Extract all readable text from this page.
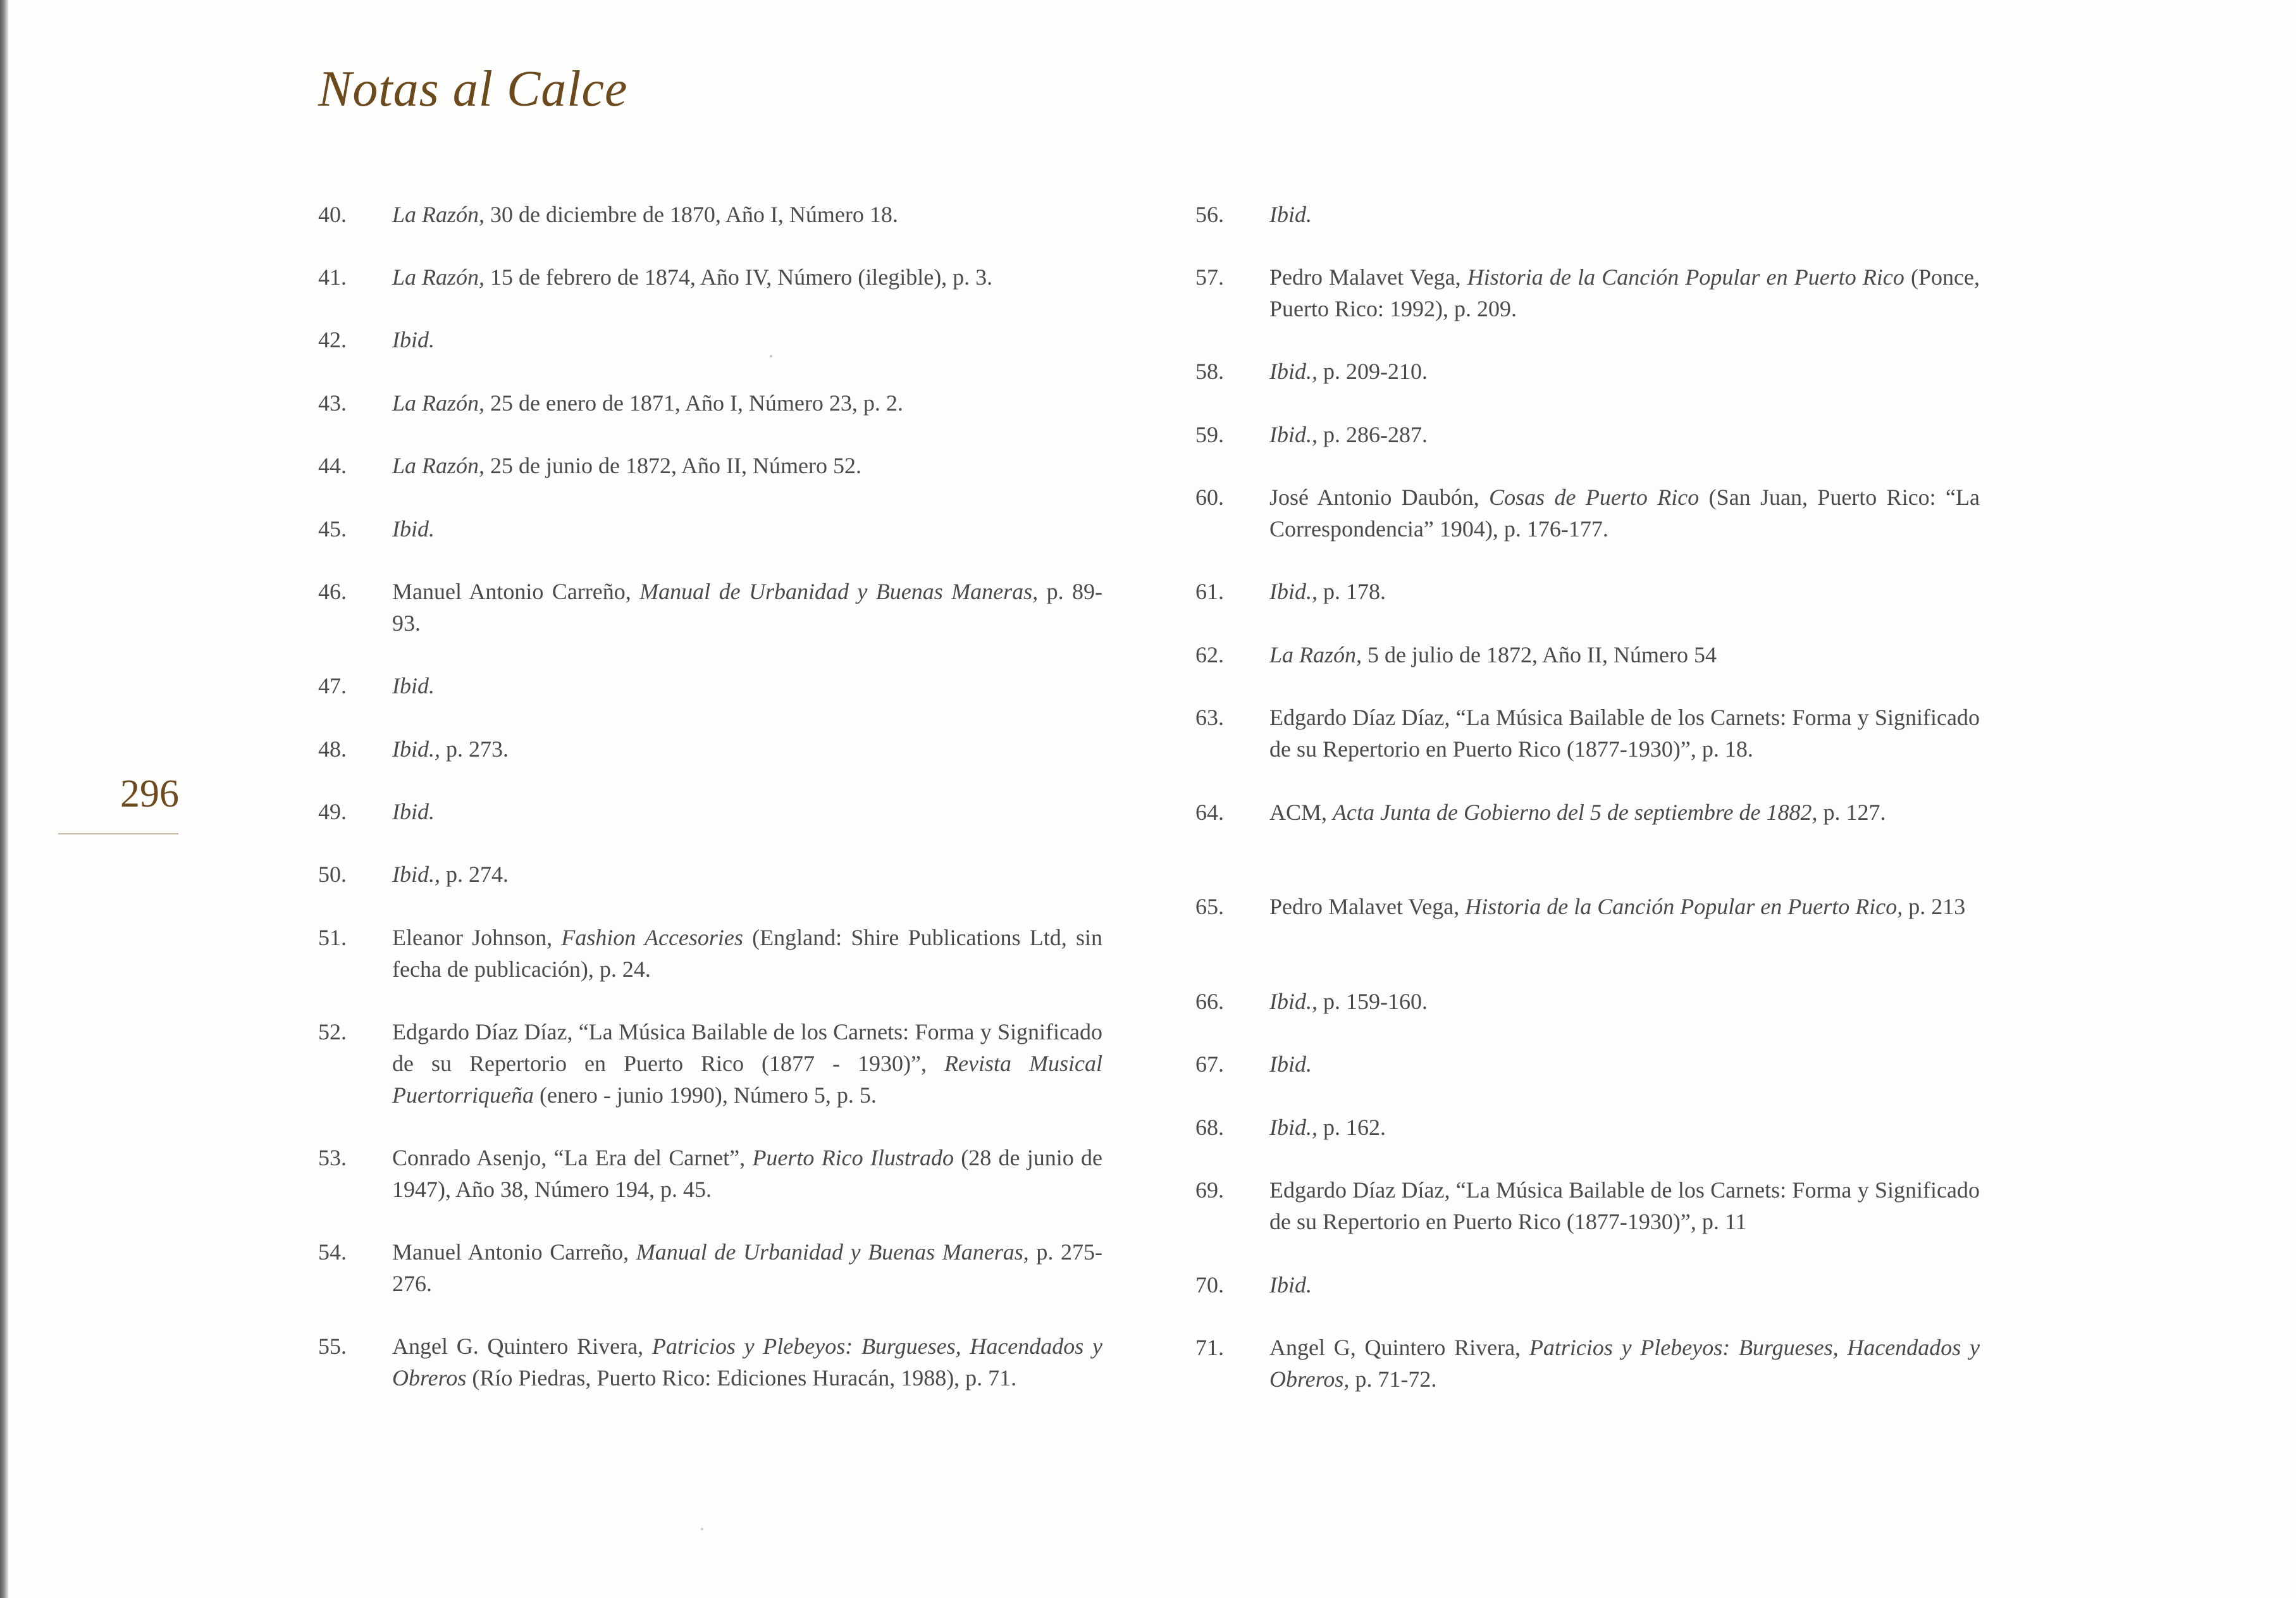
Notas al Calce
296
40.	La Razón, 30 de diciembre de 1870, Año I, Número 18.
41.	La Razón, 15 de febrero de 1874, Año IV, Número (ilegible), p. 3.
42.	Ibid.
43.	La Razón, 25 de enero de 1871, Año I, Número 23, p. 2.
44.	La Razón, 25 de junio de 1872, Año II, Número 52.
45.	Ibid.
46.	Manuel Antonio Carreño, Manual de Urbanidad y Buenas Maneras, p. 89-93.
47.	Ibid.
48.	Ibid., p. 273.
49.	Ibid.
50.	Ibid., p. 274.
51.	Eleanor Johnson, Fashion Accesories (England: Shire Publications Ltd, sin fecha de publicación), p. 24.
52.	Edgardo Díaz Díaz, “La Música Bailable de los Carnets: Forma y Significado de su Repertorio en Puerto Rico (1877 - 1930)”, Revista Musical Puertorriqueña (enero - junio 1990), Número 5, p. 5.
53.	Conrado Asenjo, “La Era del Carnet”, Puerto Rico Ilustrado (28 de junio de 1947), Año 38, Número 194, p. 45.
54.	Manuel Antonio Carreño, Manual de Urbanidad y Buenas Maneras, p. 275-276.
55.	Angel G. Quintero Rivera, Patricios y Plebeyos: Burgueses, Hacendados y Obreros (Río Piedras, Puerto Rico: Ediciones Huracán, 1988), p. 71.
56.	Ibid.
57.	Pedro Malavet Vega, Historia de la Canción Popular en Puerto Rico (Ponce, Puerto Rico: 1992), p. 209.
58.	Ibid., p. 209-210.
59.	Ibid., p. 286-287.
60.	José Antonio Daubón, Cosas de Puerto Rico (San Juan, Puerto Rico: “La Correspondencia” 1904), p. 176-177.
61.	Ibid., p. 178.
62.	La Razón, 5 de julio de 1872, Año II, Número 54
63.	Edgardo Díaz Díaz, “La Música Bailable de los Carnets: Forma y Significado de su Repertorio en Puerto Rico (1877-1930)”, p. 18.
64.	ACM, Acta Junta de Gobierno del 5 de septiembre de 1882, p. 127.
65.	Pedro Malavet Vega, Historia de la Canción Popular en Puerto Rico, p. 213
66.	Ibid., p. 159-160.
67.	Ibid.
68.	Ibid., p. 162.
69.	Edgardo Díaz Díaz, “La Música Bailable de los Carnets: Forma y Significado de su Repertorio en Puerto Rico (1877-1930)”, p. 11
70.	Ibid.
71.	Angel G, Quintero Rivera, Patricios y Plebeyos: Burgueses, Hacendados y Obreros, p. 71-72.
